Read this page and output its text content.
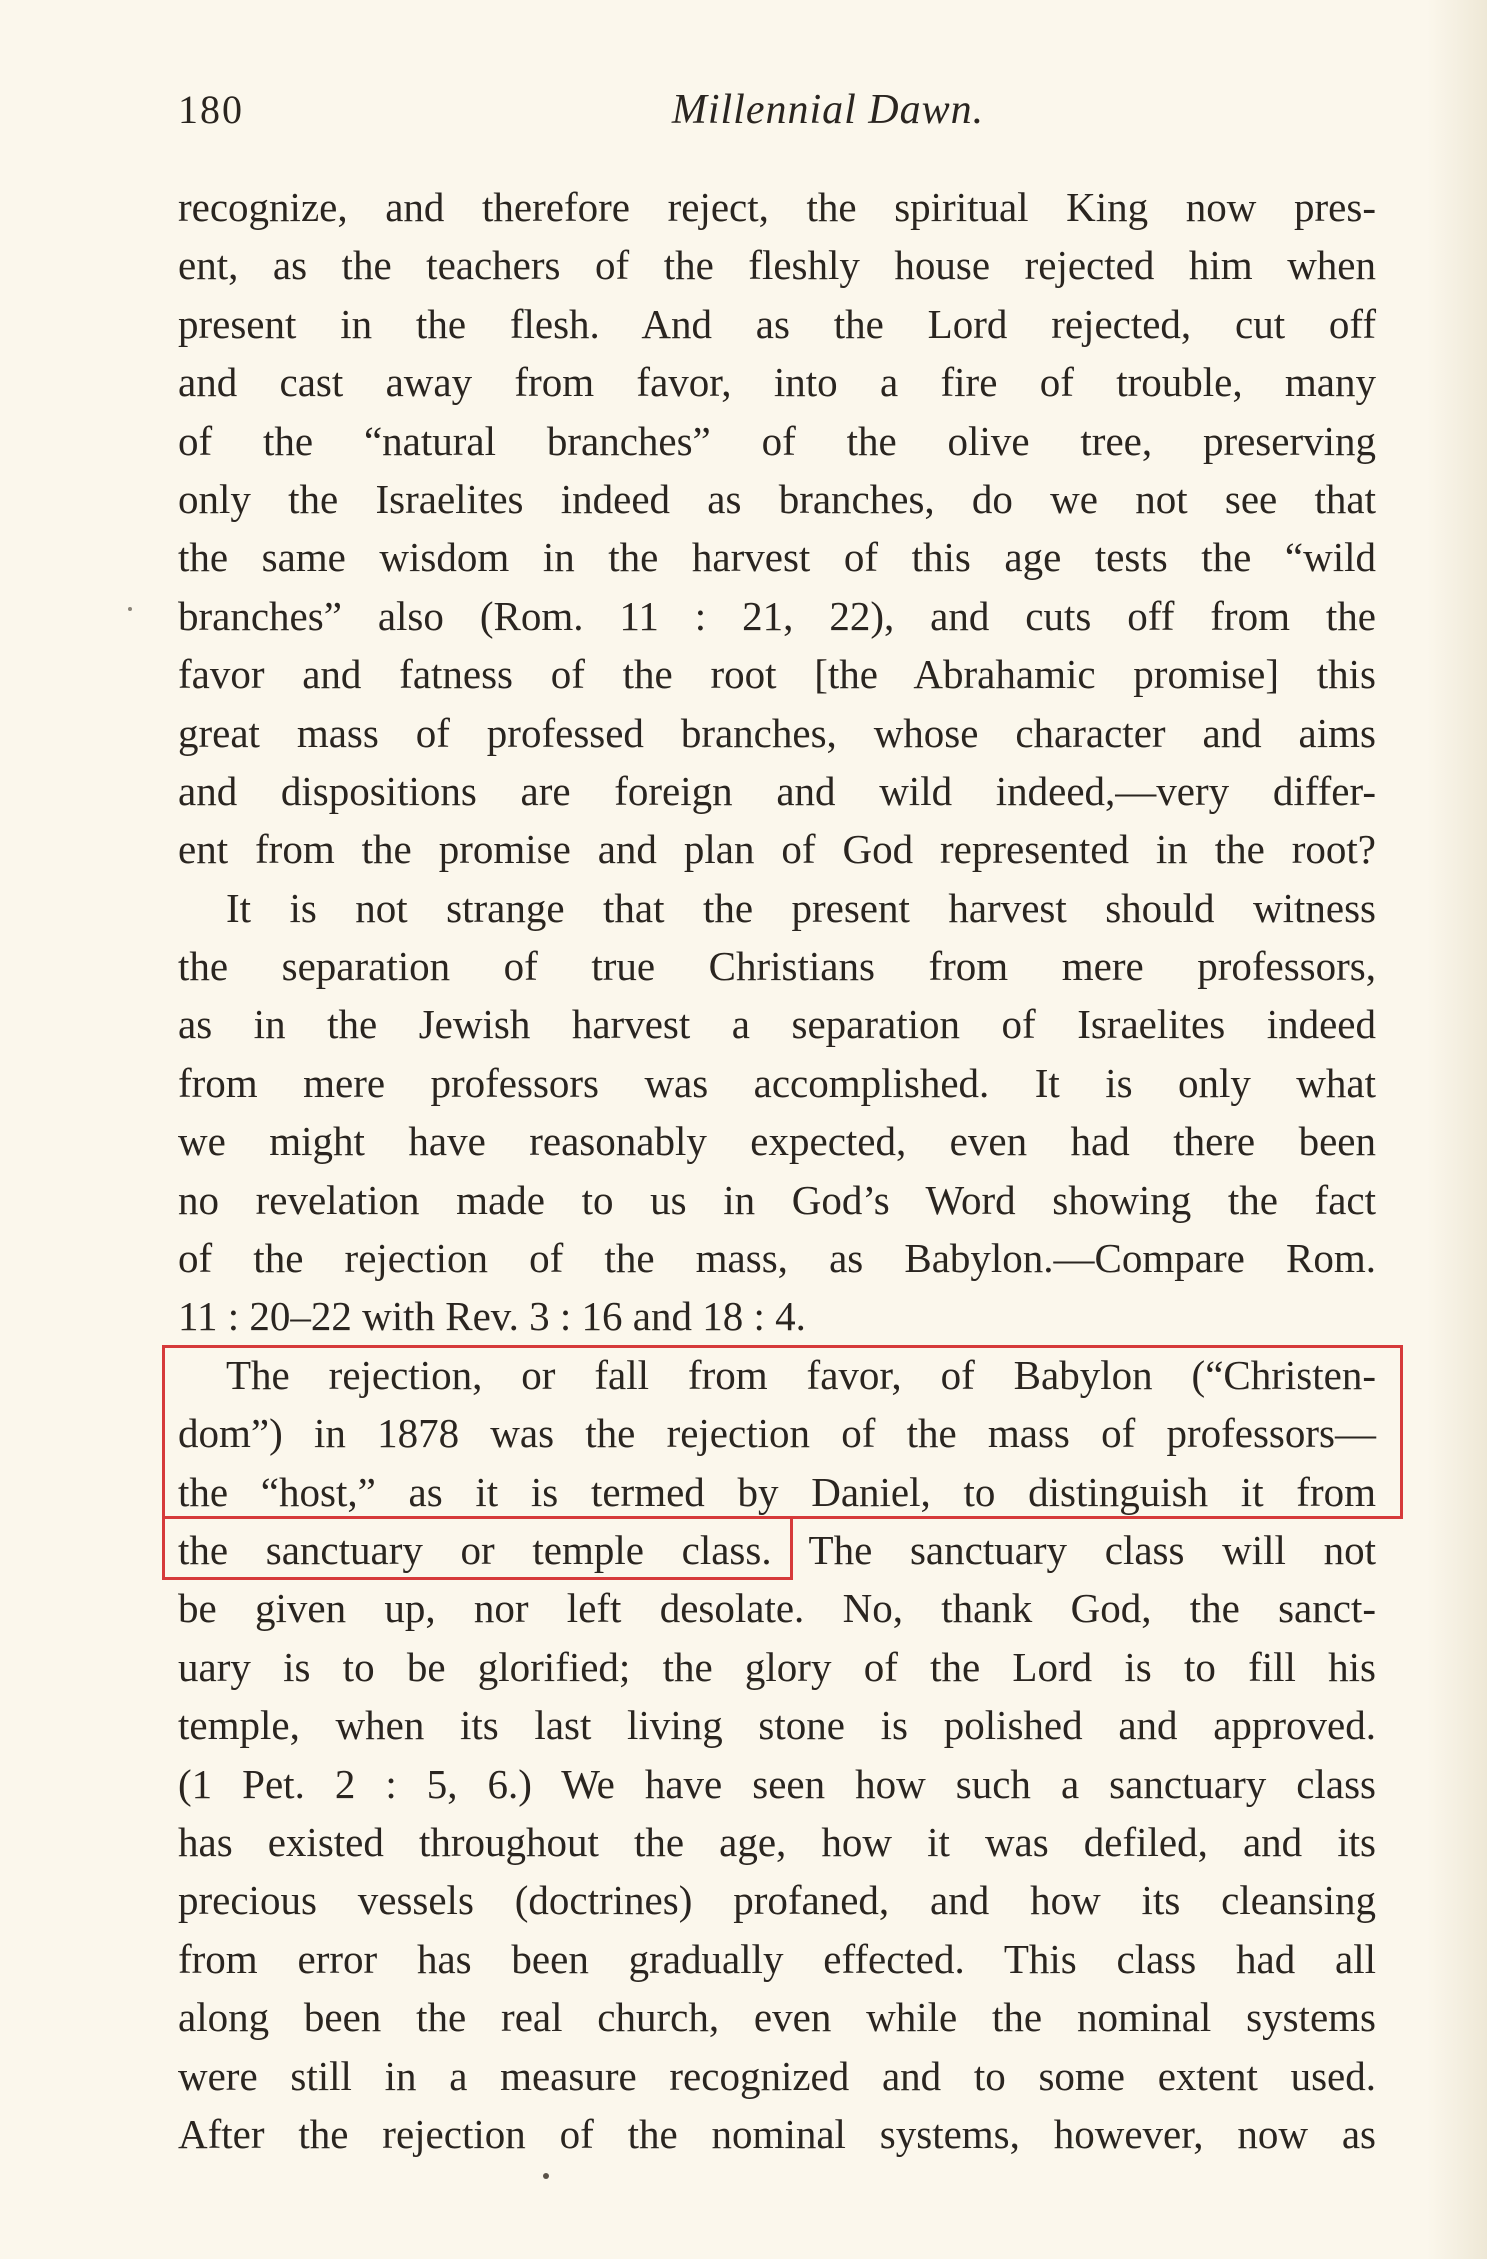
180	Millennial Dawn.
recognize, and therefore reject, the spiritual King now pres-
ent, as the teachers of the fleshly house rejected him when
present in the flesh. And as the Lord rejected, cut off
and cast away from favor, into a fire of trouble, many
of the “natural branches” of the olive tree, preserving
only the Israelites indeed as branches, do we not see that
the same wisdom in the harvest of this age tests the “wild
branches” also (Rom. 11 : 21, 22), and cuts off from the
favor and fatness of the root [the Abrahamic promise] this
great mass of professed branches, whose character and aims
and dispositions are foreign and wild indeed,—very differ-
ent from the promise and plan of God represented in the root?
It is not strange that the present harvest should witness
the separation of true Christians from mere professors,
as in the Jewish harvest a separation of Israelites indeed
from mere professors was accomplished. It is only what
we might have reasonably expected, even had there been
no revelation made to us in God’s Word showing the fact
of the rejection of the mass, as Babylon.—Compare Rom.
11 : 20–22 with Rev. 3 : 16 and 18 : 4.
The rejection, or fall from favor, of Babylon (“Christen-
dom”) in 1878 was the rejection of the mass of professors—
the “host,” as it is termed by Daniel, to distinguish it from
the sanctuary or temple class. The sanctuary class will not
be given up, nor left desolate. No, thank God, the sanct-
uary is to be glorified; the glory of the Lord is to fill his
temple, when its last living stone is polished and approved.
(1 Pet. 2 : 5, 6.) We have seen how such a sanctuary class
has existed throughout the age, how it was defiled, and its
precious vessels (doctrines) profaned, and how its cleansing
from error has been gradually effected. This class had all
along been the real church, even while the nominal systems
were still in a measure recognized and to some extent used.
After the rejection of the nominal systems, however, now as
